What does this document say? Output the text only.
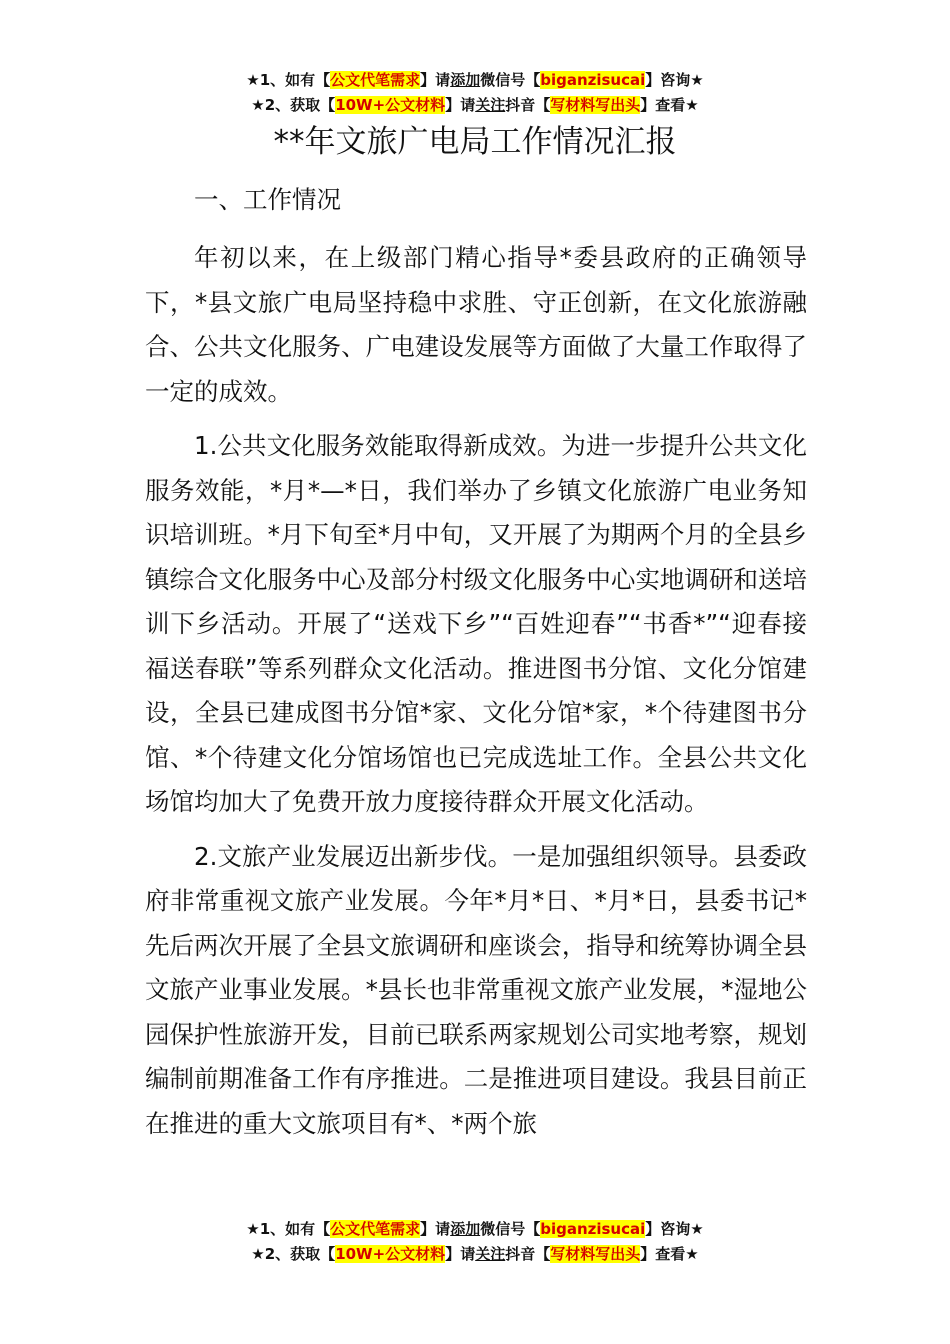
★1、如有【公文代笔需求】请添加微信号【biganzisucai】咨询★
★2、获取【10W+公文材料】请关注抖音【写材料写出头】查看★
**年文旅广电局工作情况汇报
一、工作情况

年初以来，在上级部门精心指导*委县政府的正确领导下，*县文旅广电局坚持稳中求胜、守正创新，在文化旅游融合、公共文化服务、广电建设发展等方面做了大量工作取得了一定的成效。

1.公共文化服务效能取得新成效。为进一步提升公共文化服务效能，*月*—*日，我们举办了乡镇文化旅游广电业务知识培训班。*月下旬至*月中旬，又开展了为期两个月的全县乡镇综合文化服务中心及部分村级文化服务中心实地调研和送培训下乡活动。开展了“送戏下乡”“百姓迎春”“书香*”“迎春接福送春联”等系列群众文化活动。推进图书分馆、文化分馆建设，全县已建成图书分馆*家、文化分馆*家，*个待建图书分馆、*个待建文化分馆场馆也已完成选址工作。全县公共文化场馆均加大了免费开放力度接待群众开展文化活动。

2.文旅产业发展迈出新步伐。一是加强组织领导。县委政府非常重视文旅产业发展。今年*月*日、*月*日，县委书记*先后两次开展了全县文旅调研和座谈会，指导和统筹协调全县文旅产业事业发展。*县长也非常重视文旅产业发展，*湿地公园保护性旅游开发，目前已联系两家规划公司实地考察，规划编制前期准备工作有序推进。二是推进项目建设。我县目前正在推进的重大文旅项目有*、*两个旅

★1、如有【公文代笔需求】请添加微信号【biganzisucai】咨询★
★2、获取【10W+公文材料】请关注抖音【写材料写出头】查看★
